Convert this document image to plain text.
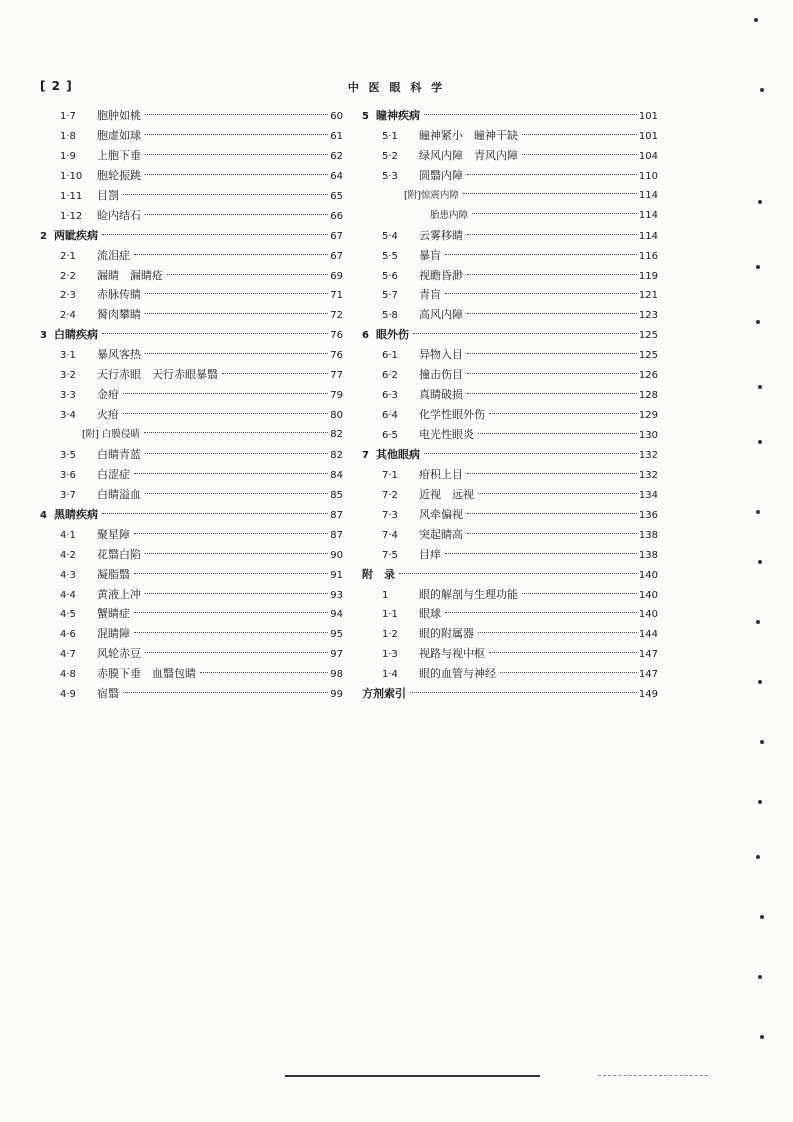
[ 2 ]	中 医 眼 科 学
1·7	胞肿如桃	60
1·8	胞虚如球	61
1·9	上胞下垂	62
1·10	胞轮振跳	64
1·11	目劄	65
1·12	睑内结石	66
2 两眦疾病	67
2·1	流泪症	67
2·2	漏睛　漏睛疮	69
2·3	赤脉传睛	71
2·4	胬肉攀睛	72
3 白睛疾病	76
3·1	暴风客热	76
3·2	天行赤眼　天行赤眼暴翳	77
3·3	金疳	79
3·4	火疳	80
[附] 白膜侵睛	82
3·5	白睛青蓝	82
3·6	白涩症	84
3·7	白睛溢血	85
4 黑睛疾病	87
4·1	聚星障	87
4·2	花翳白陷	90
4·3	凝脂翳	91
4·4	黄液上冲	93
4·5	蟹睛症	94
4·6	混睛障	95
4·7	风轮赤豆	97
4·8	赤膜下垂　血翳包睛	98
4·9	宿翳	99
5 瞳神疾病	101
5·1	瞳神紧小　瞳神干缺	101
5·2	绿风内障　青风内障	104
5·3	圆翳内障	110
[附]惊震内障	114
胎患内障	114
5·4	云雾移睛	114
5·5	暴盲	116
5·6	视瞻昏渺	119
5·7	青盲	121
5·8	高风内障	123
6 眼外伤	125
6·1	异物入目	125
6·2	撞击伤目	126
6·3	真睛破损	128
6·4	化学性眼外伤	129
6·5	电光性眼炎	130
7 其他眼病	132
7·1	疳积上目	132
7·2	近视　远视	134
7·3	风牵偏视	136
7·4	突起睛高	138
7·5	目痒	138
附	录	140
1	眼的解剖与生理功能	140
1·1	眼球	140
1·2	眼的附属器	144
1·3	视路与视中枢	147
1·4	眼的血管与神经	147
方剂索引	149
